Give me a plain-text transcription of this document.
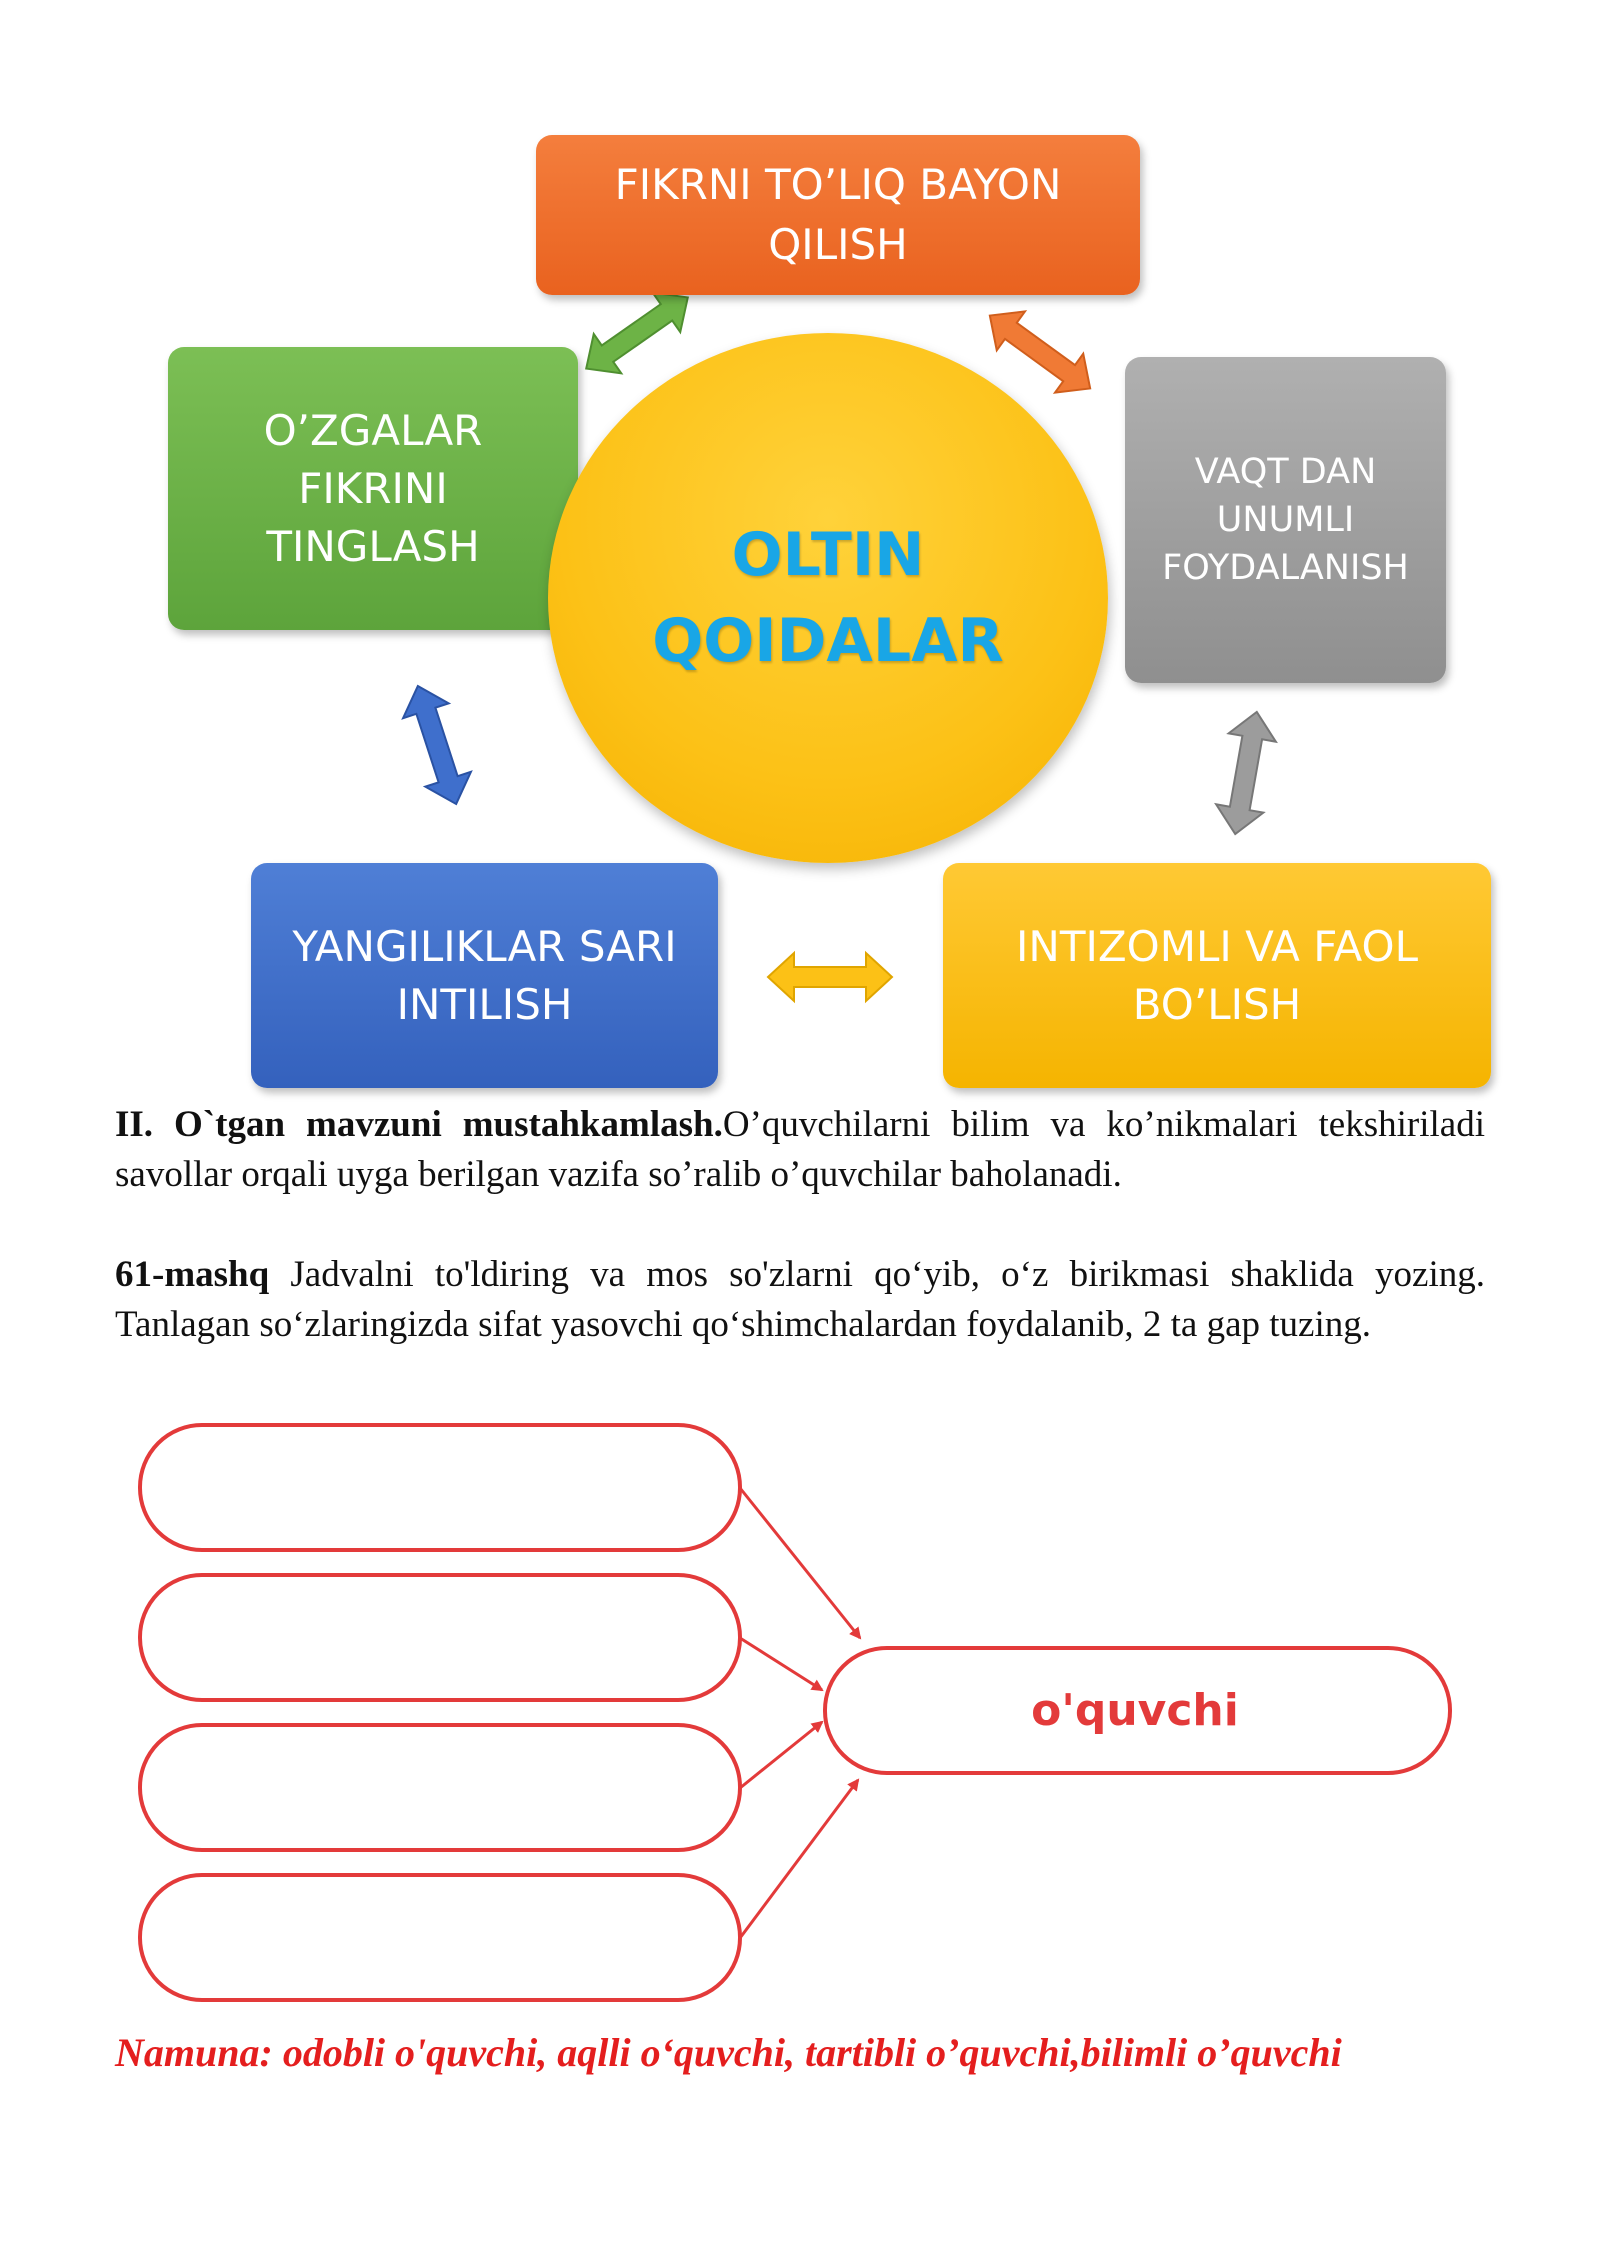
FIKRNI TO’LIQ BAYON
QILISH
O’ZGALAR
FIKRINI
TINGLASH
VAQT DAN
UNUMLI
FOYDALANISH
OLTIN
QOIDALAR
YANGILIKLAR SARI
INTILISH
INTIZOMLI VA FAOL
BO’LISH
II. O`tgan mavzuni mustahkamlash.O’quvchilarni bilim va ko’nikmalari tekshiriladi savollar orqali uyga berilgan vazifa so’ralib o’quvchilar baholanadi.
61-mashq Jadvalni to'ldiring va mos so'zlarni qo‘yib, o‘z birikmasi shaklida yozing. Tanlagan so‘zlaringizda sifat yasovchi qo‘shimchalardan foydalanib, 2 ta gap tuzing.
o'quvchi
Namuna: odobli o'quvchi, aqlli o‘quvchi, tartibli o’quvchi,bilimli o’quvchi
